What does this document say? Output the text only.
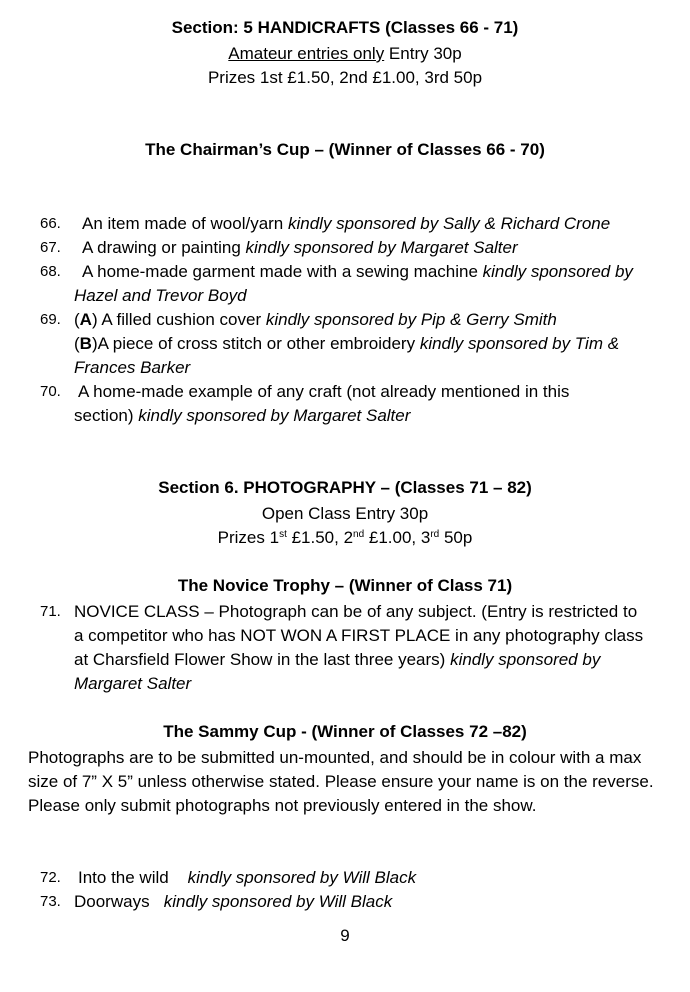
Section: 5 HANDICRAFTS (Classes 66 - 71)
Amateur entries only Entry 30p
Prizes 1st £1.50, 2nd £1.00, 3rd 50p
The Chairman’s Cup – (Winner of Classes 66 - 70)
66.	An item made of wool/yarn kindly sponsored by Sally & Richard Crone
67.	A drawing or painting kindly sponsored by Margaret Salter
68.	A home-made garment made with a sewing machine kindly sponsored by Hazel and Trevor Boyd
69. (A) A filled cushion cover kindly sponsored by Pip & Gerry Smith
(B)A piece of cross stitch or other embroidery kindly sponsored by Tim & Frances Barker
70.	A home-made example of any craft (not already mentioned in this section) kindly sponsored by Margaret Salter
Section 6. PHOTOGRAPHY – (Classes 71 – 82)
Open Class Entry 30p
Prizes 1st £1.50, 2nd £1.00, 3rd 50p
The Novice Trophy – (Winner of Class 71)
71. NOVICE CLASS – Photograph can be of any subject. (Entry is restricted to a competitor who has NOT WON A FIRST PLACE in any photography class at Charsfield Flower Show in the last three years) kindly sponsored by Margaret Salter
The Sammy Cup - (Winner of Classes 72 –82)
Photographs are to be submitted un-mounted, and should be in colour with a max size of 7” X 5” unless otherwise stated. Please ensure your name is on the reverse. Please only submit photographs not previously entered in the show.
72.	Into the wild    kindly sponsored by Will Black
73. Doorways   kindly sponsored by Will Black
9
